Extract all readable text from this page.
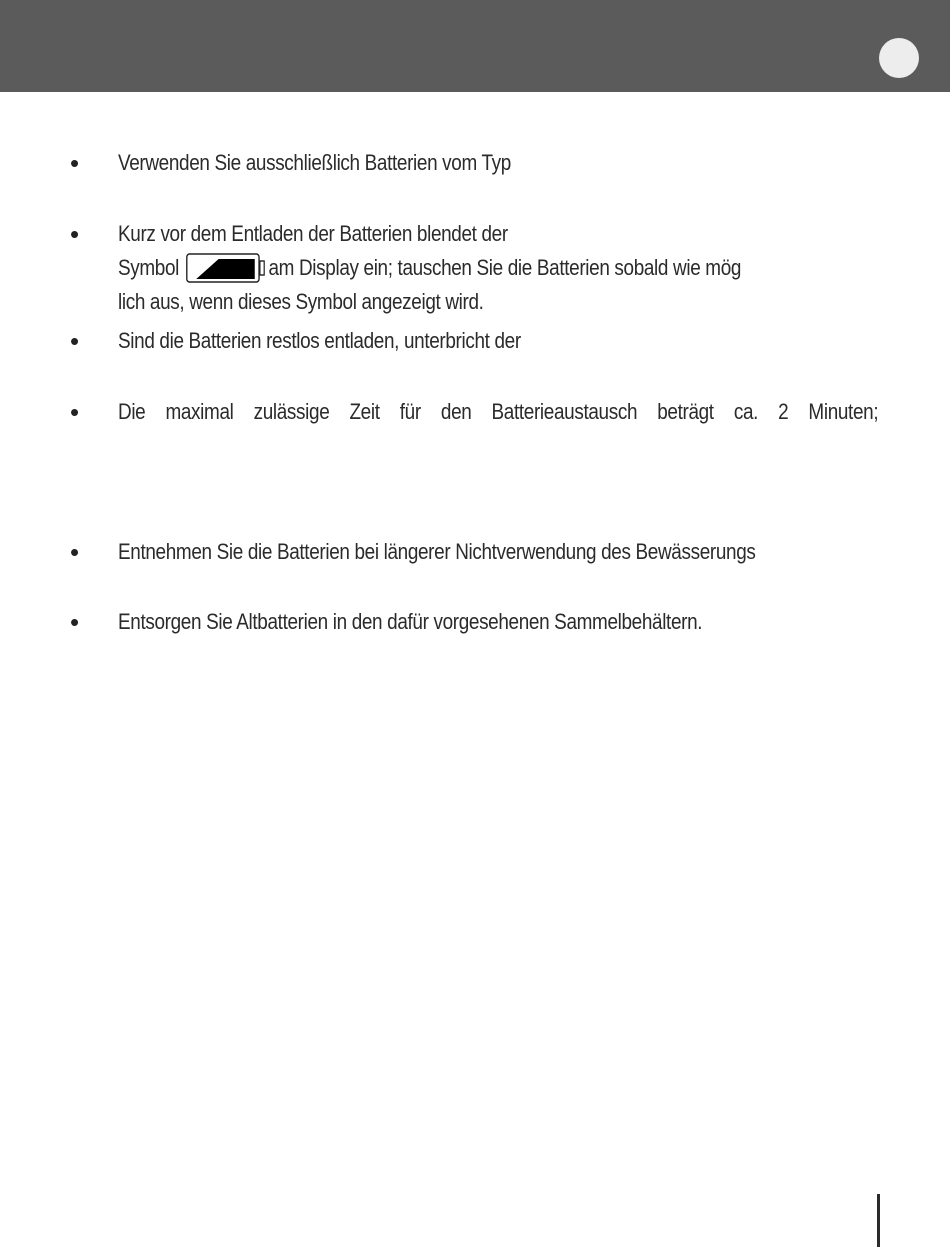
• Verwenden Sie ausschließlich Batterien vom Typ
• Kurz vor dem Entladen der Batterien blendet der
Symbol	am Display ein; tauschen Sie die Batterien sobald wie mög
lich aus, wenn dieses Symbol angezeigt wird.
• Sind die Batterien restlos entladen, unterbricht der
• Die maximal zulässige Zeit für den Batterieaustausch beträgt ca. 2 Minuten;
• Entnehmen Sie die Batterien bei längerer Nichtverwendung des Bewässerungs
• Entsorgen Sie Altbatterien in den dafür vorgesehenen Sammelbehältern.
